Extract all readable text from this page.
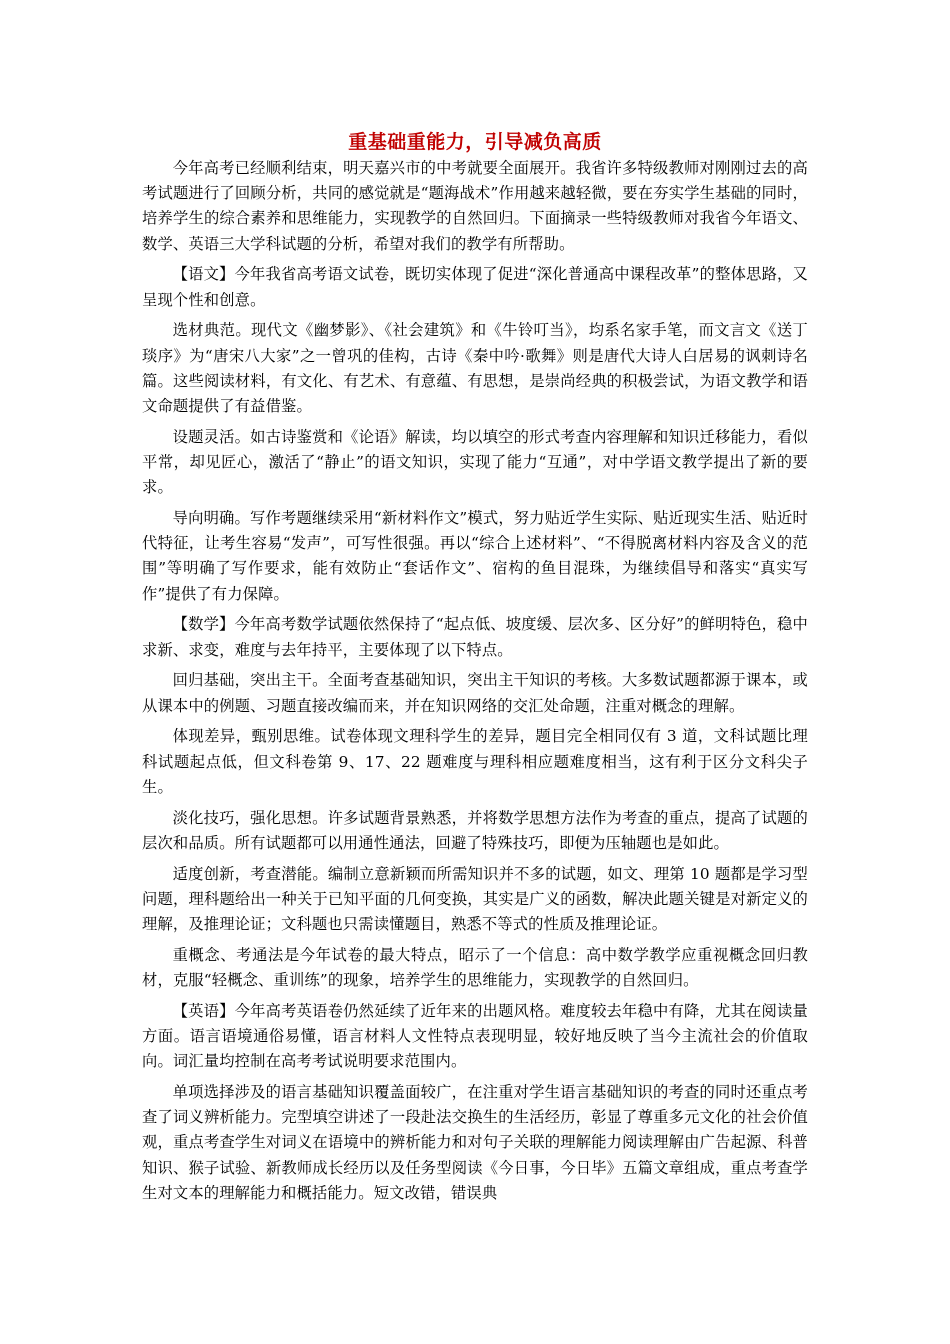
重基础重能力，引导减负高质

今年高考已经顺利结束，明天嘉兴市的中考就要全面展开。我省许多特级教师对刚刚过去的高考试题进行了回顾分析，共同的感觉就是“题海战术”作用越来越轻微，要在夯实学生基础的同时，培养学生的综合素养和思维能力，实现教学的自然回归。下面摘录一些特级教师对我省今年语文、数学、英语三大学科试题的分析，希望对我们的教学有所帮助。

【语文】今年我省高考语文试卷，既切实体现了促进“深化普通高中课程改革”的整体思路，又呈现个性和创意。

选材典范。现代文《幽梦影》、《社会建筑》和《牛铃叮当》，均系名家手笔，而文言文《送丁琰序》为“唐宋八大家”之一曾巩的佳构，古诗《秦中吟·歌舞》则是唐代大诗人白居易的讽刺诗名篇。这些阅读材料，有文化、有艺术、有意蕴、有思想，是崇尚经典的积极尝试，为语文教学和语文命题提供了有益借鉴。

设题灵活。如古诗鉴赏和《论语》解读，均以填空的形式考查内容理解和知识迁移能力，看似平常，却见匠心，激活了“静止”的语文知识，实现了能力“互通”，对中学语文教学提出了新的要求。

导向明确。写作考题继续采用“新材料作文”模式，努力贴近学生实际、贴近现实生活、贴近时代特征，让考生容易“发声”，可写性很强。再以“综合上述材料”、“不得脱离材料内容及含义的范围”等明确了写作要求，能有效防止“套话作文”、宿构的鱼目混珠，为继续倡导和落实“真实写作”提供了有力保障。

【数学】今年高考数学试题依然保持了“起点低、坡度缓、层次多、区分好”的鲜明特色，稳中求新、求变，难度与去年持平，主要体现了以下特点。

回归基础，突出主干。全面考查基础知识，突出主干知识的考核。大多数试题都源于课本，或从课本中的例题、习题直接改编而来，并在知识网络的交汇处命题，注重对概念的理解。

体现差异，甄别思维。试卷体现文理科学生的差异，题目完全相同仅有 3 道，文科试题比理科试题起点低，但文科卷第 9、17、22 题难度与理科相应题难度相当，这有利于区分文科尖子生。

淡化技巧，强化思想。许多试题背景熟悉，并将数学思想方法作为考查的重点，提高了试题的层次和品质。所有试题都可以用通性通法，回避了特殊技巧，即便为压轴题也是如此。

适度创新，考查潜能。编制立意新颖而所需知识并不多的试题，如文、理第 10 题都是学习型问题，理科题给出一种关于已知平面的几何变换，其实是广义的函数，解决此题关键是对新定义的理解，及推理论证；文科题也只需读懂题目，熟悉不等式的性质及推理论证。

重概念、考通法是今年试卷的最大特点，昭示了一个信息：高中数学教学应重视概念回归教材，克服“轻概念、重训练”的现象，培养学生的思维能力，实现教学的自然回归。

【英语】今年高考英语卷仍然延续了近年来的出题风格。难度较去年稳中有降，尤其在阅读量方面。语言语境通俗易懂，语言材料人文性特点表现明显，较好地反映了当今主流社会的价值取向。词汇量均控制在高考考试说明要求范围内。

单项选择涉及的语言基础知识覆盖面较广，在注重对学生语言基础知识的考查的同时还重点考查了词义辨析能力。完型填空讲述了一段赴法交换生的生活经历，彰显了尊重多元文化的社会价值观，重点考查学生对词义在语境中的辨析能力和对句子关联的理解能力阅读理解由广告起源、科普知识、猴子试验、新教师成长经历以及任务型阅读《今日事，今日毕》五篇文章组成，重点考查学生对文本的理解能力和概括能力。短文改错，错误典
